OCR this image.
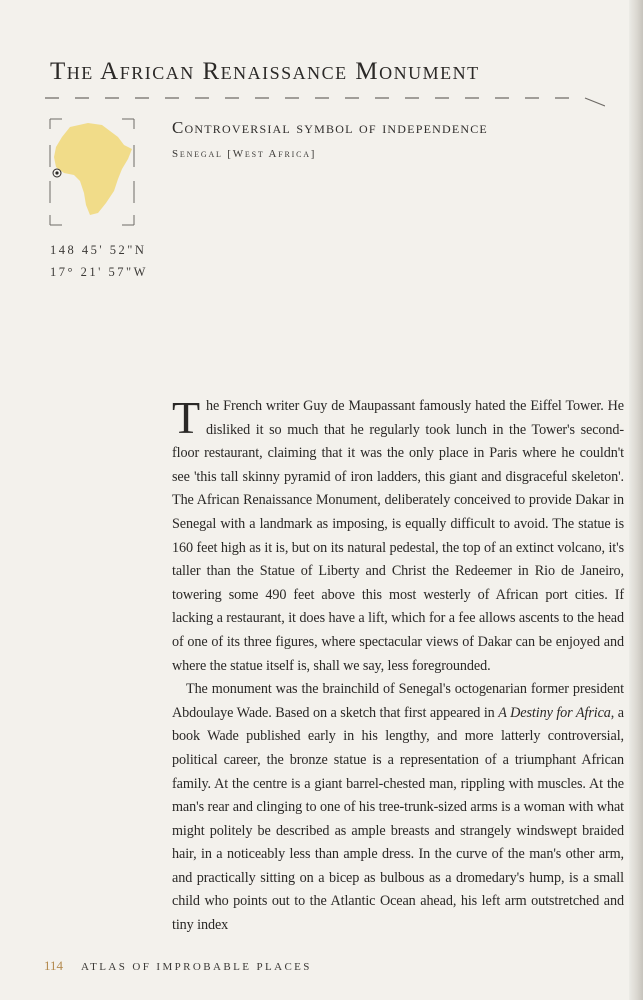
The African Renaissance Monument
148 45' 52"N
17° 21' 57"W
Controversial symbol of independence
Senegal [West Africa]

The French writer Guy de Maupassant famously hated the Eiffel Tower. He disliked it so much that he regularly took lunch in the Tower's second-floor restaurant, claiming that it was the only place in Paris where he couldn't see 'this tall skinny pyramid of iron ladders, this giant and disgraceful skeleton'. The African Renaissance Monument, deliberately conceived to provide Dakar in Senegal with a landmark as imposing, is equally difficult to avoid. The statue is 160 feet high as it is, but on its natural pedestal, the top of an extinct volcano, it's taller than the Statue of Liberty and Christ the Redeemer in Rio de Janeiro, towering some 490 feet above this most westerly of African port cities. If lacking a restaurant, it does have a lift, which for a fee allows ascents to the head of one of its three figures, where spectacular views of Dakar can be enjoyed and where the statue itself is, shall we say, less foregrounded.

The monument was the brainchild of Senegal's octogenarian former president Abdoulaye Wade. Based on a sketch that first appeared in A Destiny for Africa, a book Wade published early in his lengthy, and more latterly controversial, political career, the bronze statue is a representation of a triumphant African family. At the centre is a giant barrel-chested man, rippling with muscles. At the man's rear and clinging to one of his tree-trunk-sized arms is a woman with what might politely be described as ample breasts and strangely windswept braided hair, in a noticeably less than ample dress. In the curve of the man's other arm, and practically sitting on a bicep as bulbous as a dromedary's hump, is a small child who points out to the Atlantic Ocean ahead, his left arm outstretched and tiny index

114 ATLAS OF IMPROBABLE PLACES
